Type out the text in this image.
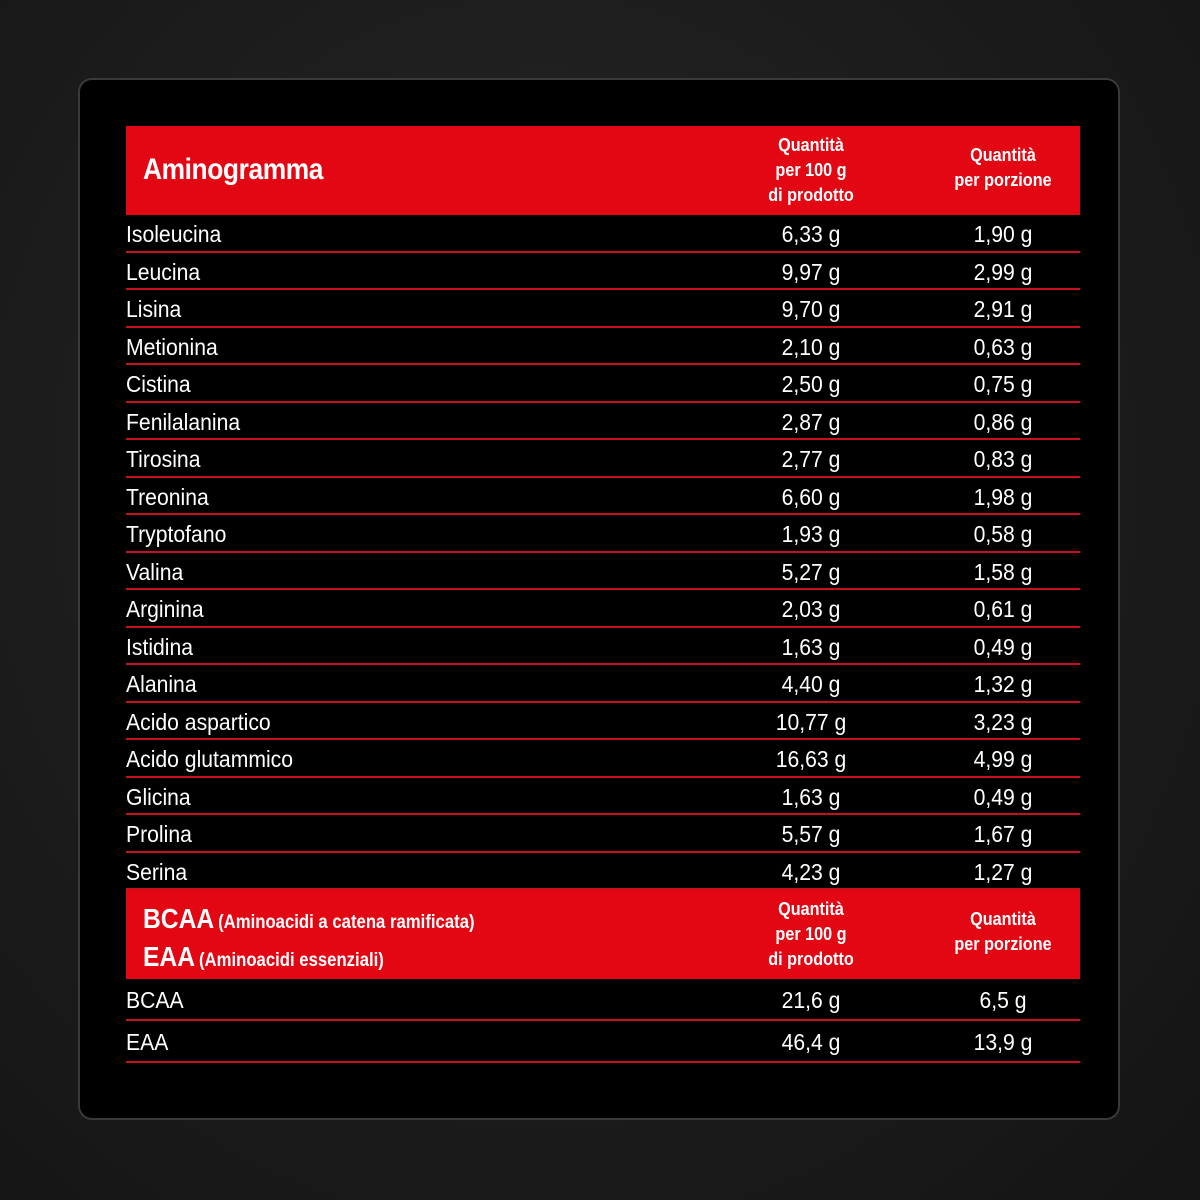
Aminogramma
Quantità
per 100 g
di prodotto
Quantità
per porzione
Isoleucina	6,33 g	1,90 g
Leucina	9,97 g	2,99 g
Lisina	9,70 g	2,91 g
Metionina	2,10 g	0,63 g
Cistina	2,50 g	0,75 g
Fenilalanina	2,87 g	0,86 g
Tirosina	2,77 g	0,83 g
Treonina	6,60 g	1,98 g
Tryptofano	1,93 g	0,58 g
Valina	5,27 g	1,58 g
Arginina	2,03 g	0,61 g
Istidina	1,63 g	0,49 g
Alanina	4,40 g	1,32 g
Acido aspartico	10,77 g	3,23 g
Acido glutammico	16,63 g	4,99 g
Glicina	1,63 g	0,49 g
Prolina	5,57 g	1,67 g
Serina	4,23 g	1,27 g
BCAA (Aminoacidi a catena ramificata)
EAA (Aminoacidi essenziali)
Quantità
per 100 g
di prodotto
Quantità
per porzione
BCAA	21,6 g	6,5 g
EAA	46,4 g	13,9 g
